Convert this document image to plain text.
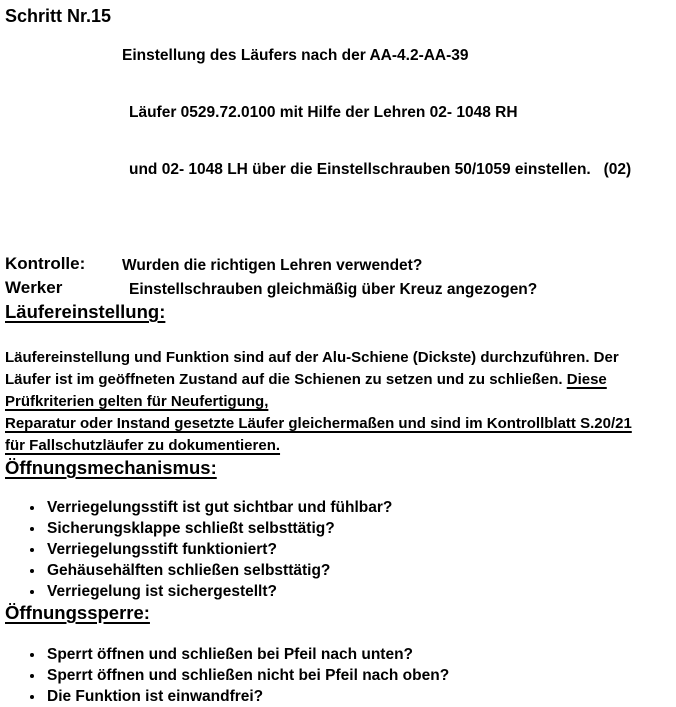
Schritt Nr.15

Einstellung des Läufers nach der AA-4.2-AA-39

Läufer 0529.72.0100 mit Hilfe der Lehren 02- 1048 RH

und 02- 1048 LH über die Einstellschrauben 50/1059 einstellen.   (02)

Kontrolle:	Wurden die richtigen Lehren verwendet?
Werker	Einstellschrauben gleichmäßig über Kreuz angezogen?
Läufereinstellung:
Läufereinstellung und Funktion sind auf der Alu-Schiene (Dickste) durchzuführen. Der
Läufer ist im geöffneten Zustand auf die Schienen zu setzen und zu schließen. Diese
Prüfkriterien gelten für Neufertigung,
Reparatur oder Instand gesetzte Läufer gleichermaßen und sind im Kontrollblatt S.20/21
für Fallschutzläufer zu dokumentieren.
Öffnungsmechanismus:
• Verriegelungsstift ist gut sichtbar und fühlbar?
• Sicherungsklappe schließt selbsttätig?
• Verriegelungsstift funktioniert?
• Gehäusehälften schließen selbsttätig?
• Verriegelung ist sichergestellt?
Öffnungssperre:
• Sperrt öffnen und schließen bei Pfeil nach unten?
• Sperrt öffnen und schließen nicht bei Pfeil nach oben?
• Die Funktion ist einwandfrei?
